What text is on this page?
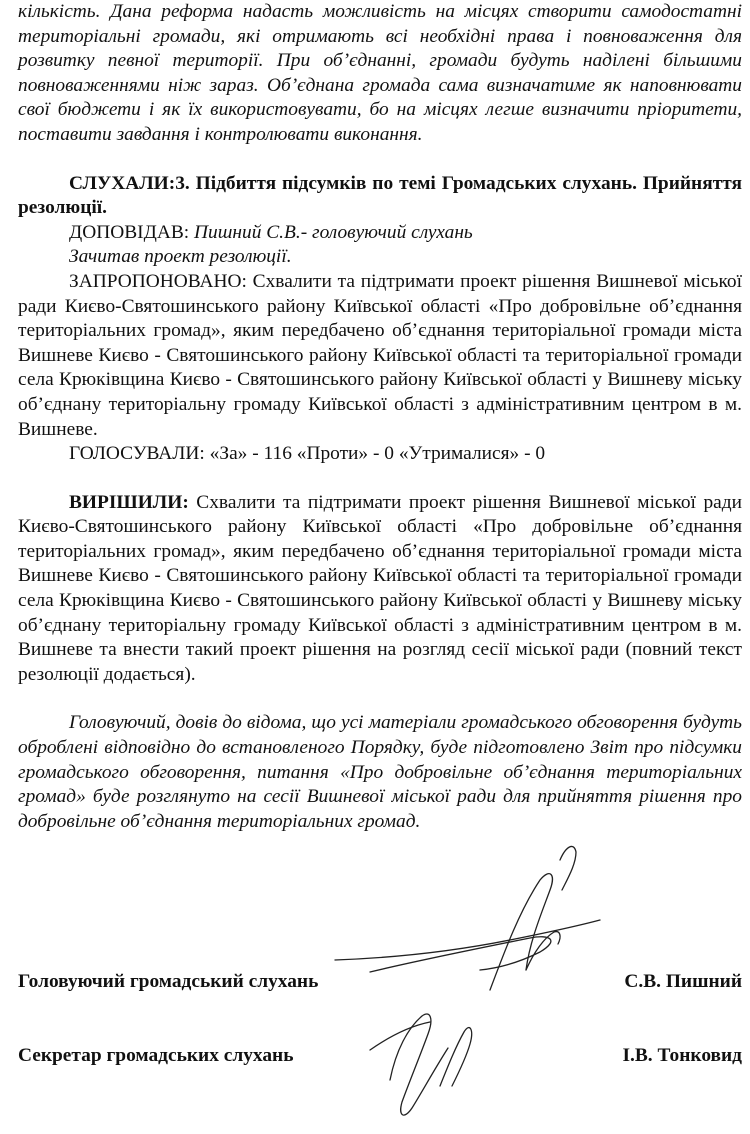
кількість. Дана реформа надасть можливість на місцях створити самодостатні територіальні громади, які отримають всі необхідні права і повноваження для розвитку певної території. При об’єднанні, громади будуть наділені більшими повноваженнями ніж зараз. Об’єднана громада сама визначатиме як наповнювати свої бюджети і як їх використовувати, бо на місцях легше визначити пріоритети, поставити завдання і контролювати виконання.

СЛУХАЛИ:3. Підбиття підсумків по темі Громадських слухань. Прийняття резолюції.

ДОПОВІДАВ: Пишний С.В.- головуючий слухань

Зачитав проект резолюції.

ЗАПРОПОНОВАНО: Схвалити та підтримати проект рішення Вишневої міської ради Києво-Святошинського району Київської області «Про добровільне об’єднання територіальних громад», яким передбачено об’єднання територіальної громади міста Вишневе Києво - Святошинського району Київської області та територіальної громади села Крюківщина Києво - Святошинського району Київської області у Вишневу міську об’єднану територіальну громаду Київської області з адміністративним центром в м. Вишневе.

ГОЛОСУВАЛИ: «За» - 116 «Проти» - 0 «Утрималися» - 0

ВИРІШИЛИ: Схвалити та підтримати проект рішення Вишневої міської ради Києво-Святошинського району Київської області «Про добровільне об’єднання територіальних громад», яким передбачено об’єднання територіальної громади міста Вишневе Києво - Святошинського району Київської області та територіальної громади села Крюківщина Києво - Святошинського району Київської області у Вишневу міську об’єднану територіальну громаду Київської області з адміністративним центром в м. Вишневе та внести такий проект рішення на розгляд сесії міської ради (повний текст резолюції додається).

Головуючий, довів до відома, що усі матеріали громадського обговорення будуть оброблені відповідно до встановленого Порядку, буде підготовлено Звіт про підсумки громадського обговорення, питання «Про добровільне об’єднання територіальних громад» буде розглянуто на сесії Вишневої міської ради для прийняття рішення про добровільне об’єднання територіальних громад.

Головуючий громадський слухань	С.В. Пишний
Секретар громадських слухань	І.В. Тонковид
